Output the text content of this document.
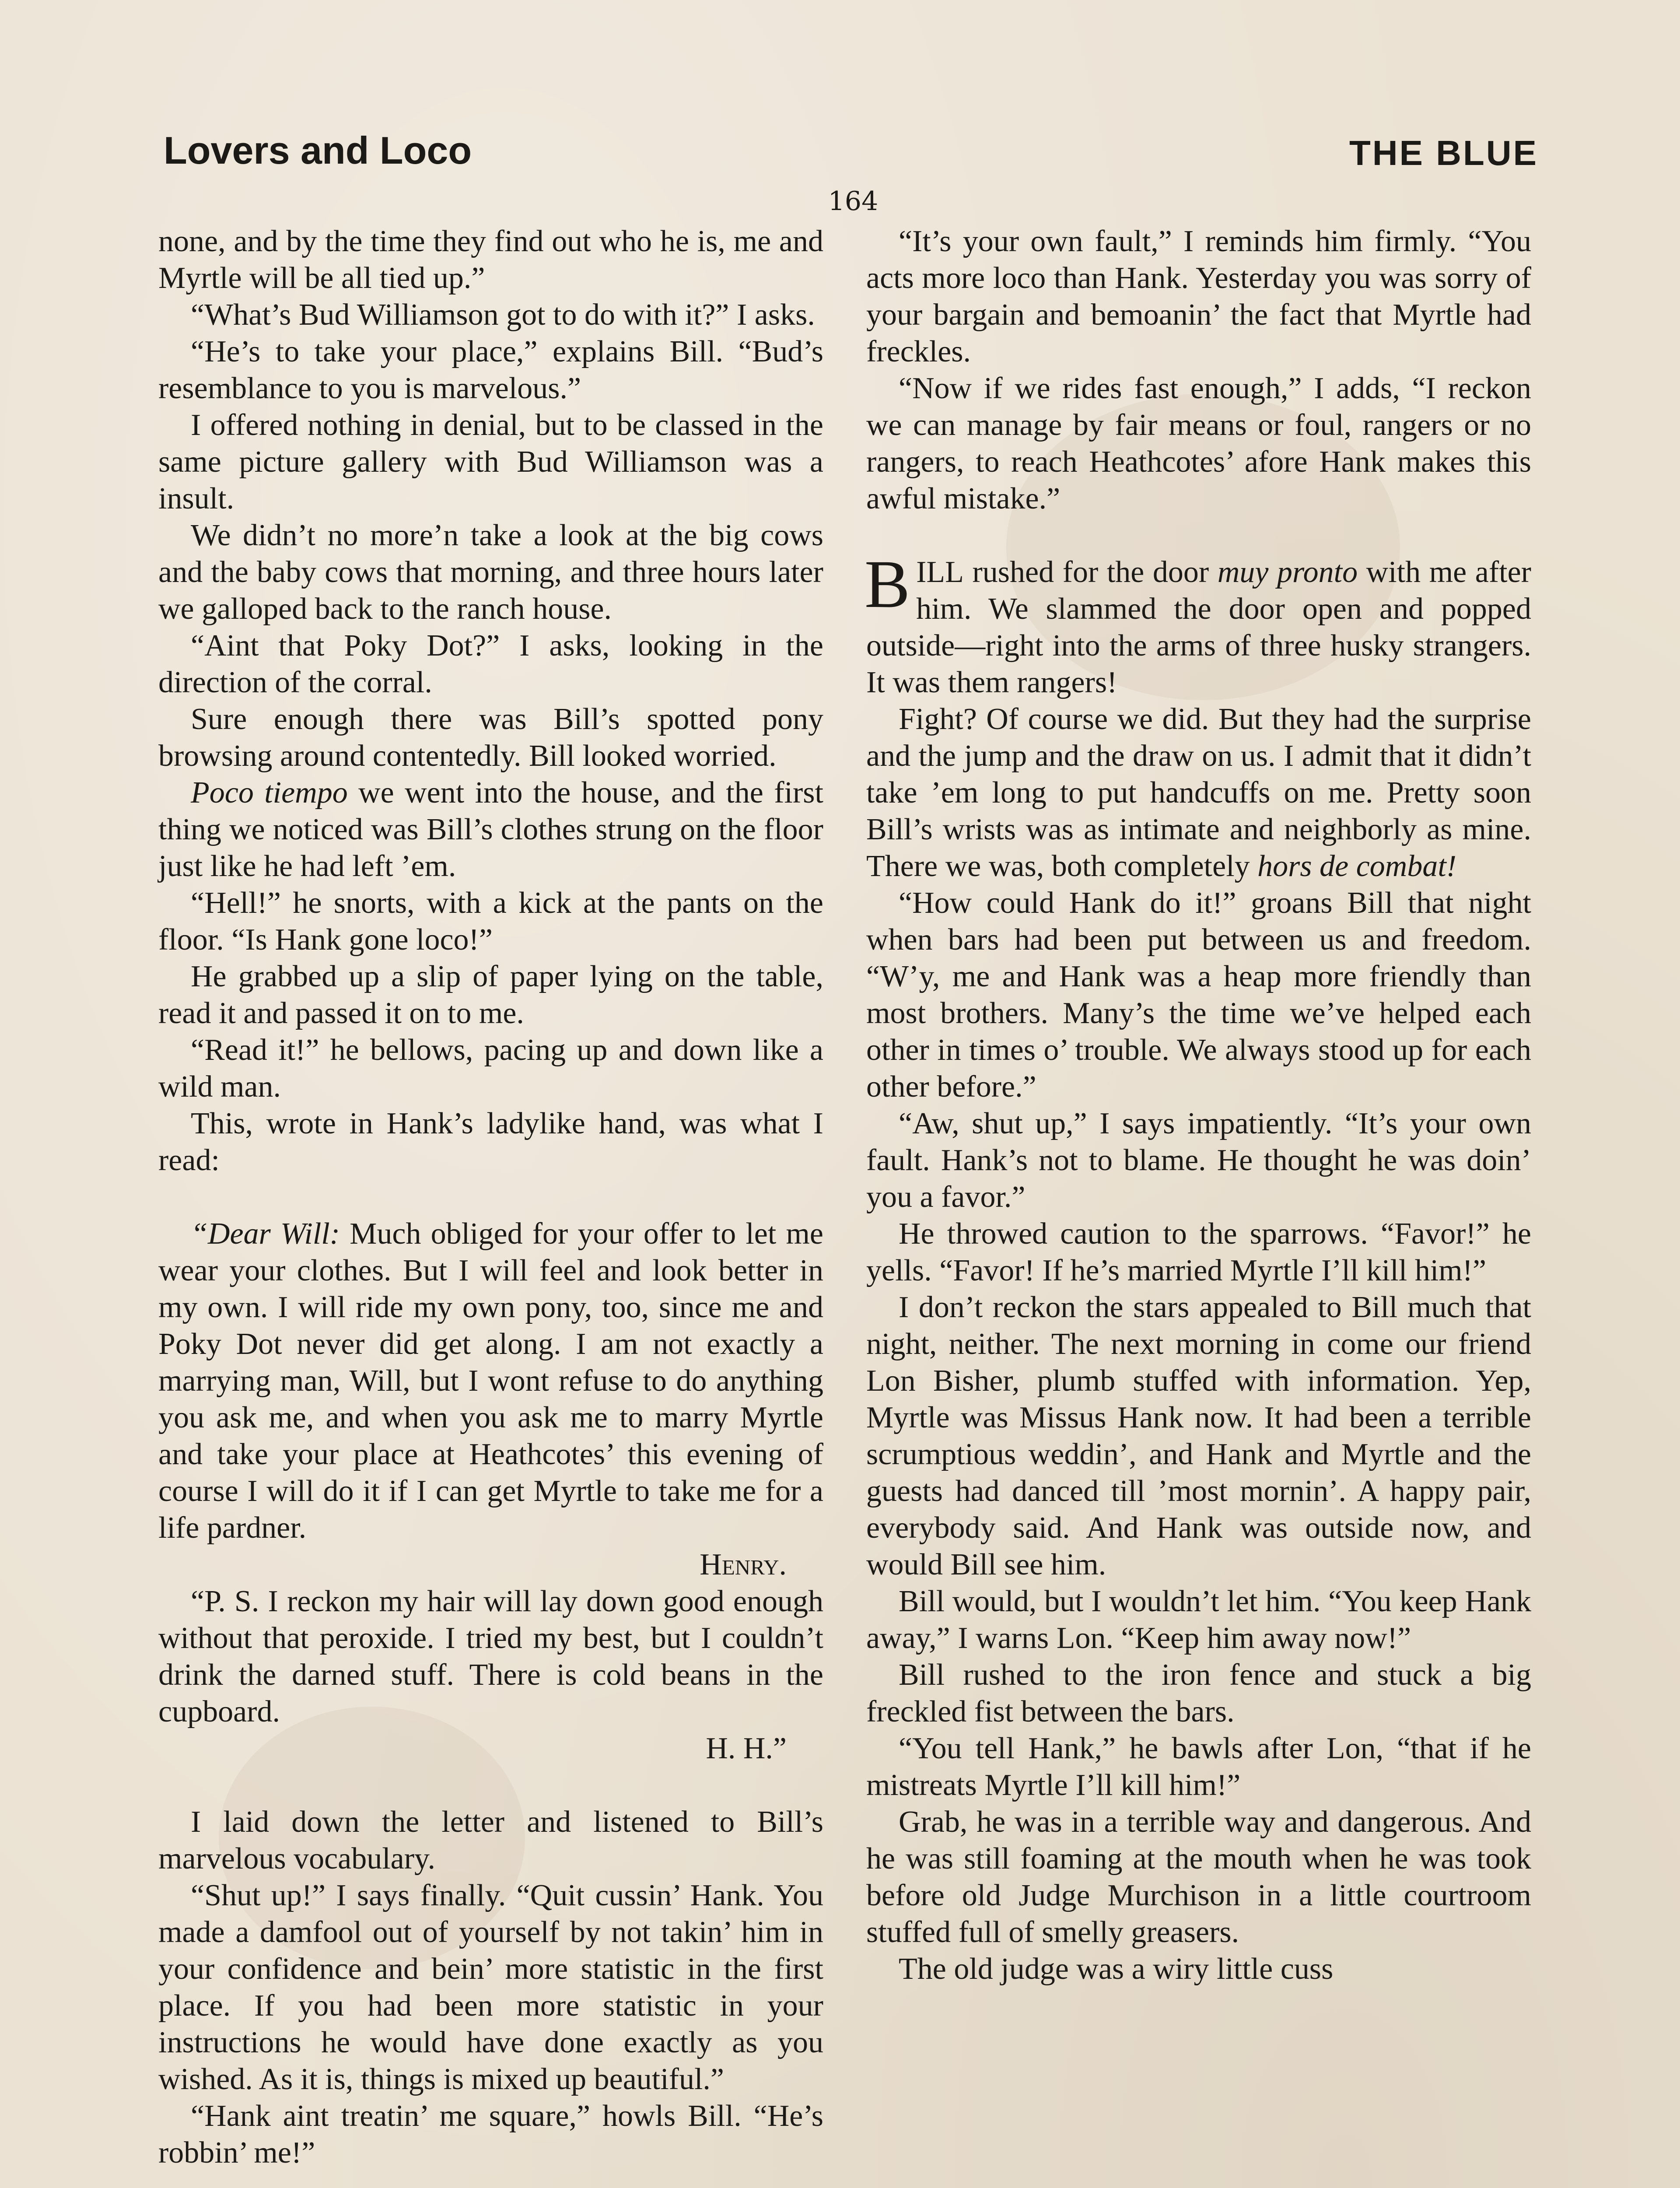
Lovers and Loco	THE BLUE
164

none, and by the time they find out who he is, me and Myrtle will be all tied up.”

“What’s Bud Williamson got to do with it?” I asks.

“He’s to take your place,” explains Bill. “Bud’s resemblance to you is marvelous.”

I offered nothing in denial, but to be classed in the same picture gallery with Bud Williamson was a insult.

We didn’t no more’n take a look at the big cows and the baby cows that morning, and three hours later we galloped back to the ranch house.

“Aint that Poky Dot?” I asks, looking in the direction of the corral.

Sure enough there was Bill’s spotted pony browsing around contentedly. Bill looked worried.

Poco tiempo we went into the house, and the first thing we noticed was Bill’s clothes strung on the floor just like he had left ’em.

“Hell!” he snorts, with a kick at the pants on the floor. “Is Hank gone loco!”

He grabbed up a slip of paper lying on the table, read it and passed it on to me.

“Read it!” he bellows, pacing up and down like a wild man.

This, wrote in Hank’s ladylike hand, was what I read:

“Dear Will: Much obliged for your offer to let me wear your clothes. But I will feel and look better in my own. I will ride my own pony, too, since me and Poky Dot never did get along. I am not exactly a marrying man, Will, but I wont refuse to do anything you ask me, and when you ask me to marry Myrtle and take your place at Heathcotes’ this evening of course I will do it if I can get Myrtle to take me for a life pardner.

Henry.

“P. S. I reckon my hair will lay down good enough without that peroxide. I tried my best, but I couldn’t drink the darned stuff. There is cold beans in the cupboard.

H. H.”

I laid down the letter and listened to Bill’s marvelous vocabulary.

“Shut up!” I says finally. “Quit cussin’ Hank. You made a damfool out of yourself by not takin’ him in your confidence and bein’ more statistic in the first place. If you had been more statistic in your instructions he would have done exactly as you wished. As it is, things is mixed up beautiful.”

“Hank aint treatin’ me square,” howls Bill. “He’s robbin’ me!”

“It’s your own fault,” I reminds him firmly. “You acts more loco than Hank. Yesterday you was sorry of your bargain and bemoanin’ the fact that Myrtle had freckles.

“Now if we rides fast enough,” I adds, “I reckon we can manage by fair means or foul, rangers or no rangers, to reach Heathcotes’ afore Hank makes this awful mistake.”

BILL rushed for the door muy pronto with me after him. We slammed the door open and popped outside—right into the arms of three husky strangers. It was them rangers!

Fight? Of course we did. But they had the surprise and the jump and the draw on us. I admit that it didn’t take ’em long to put handcuffs on me. Pretty soon Bill’s wrists was as intimate and neighborly as mine. There we was, both completely hors de combat!

“How could Hank do it!” groans Bill that night when bars had been put between us and freedom. “W’y, me and Hank was a heap more friendly than most brothers. Many’s the time we’ve helped each other in times o’ trouble. We always stood up for each other before.”

“Aw, shut up,” I says impatiently. “It’s your own fault. Hank’s not to blame. He thought he was doin’ you a favor.”

He throwed caution to the sparrows. “Favor!” he yells. “Favor! If he’s married Myrtle I’ll kill him!”

I don’t reckon the stars appealed to Bill much that night, neither. The next morning in come our friend Lon Bisher, plumb stuffed with information. Yep, Myrtle was Missus Hank now. It had been a terrible scrumptious weddin’, and Hank and Myrtle and the guests had danced till ’most mornin’. A happy pair, everybody said. And Hank was outside now, and would Bill see him.

Bill would, but I wouldn’t let him. “You keep Hank away,” I warns Lon. “Keep him away now!”

Bill rushed to the iron fence and stuck a big freckled fist between the bars.

“You tell Hank,” he bawls after Lon, “that if he mistreats Myrtle I’ll kill him!”

Grab, he was in a terrible way and dangerous. And he was still foaming at the mouth when he was took before old Judge Murchison in a little courtroom stuffed full of smelly greasers.

The old judge was a wiry little cuss
